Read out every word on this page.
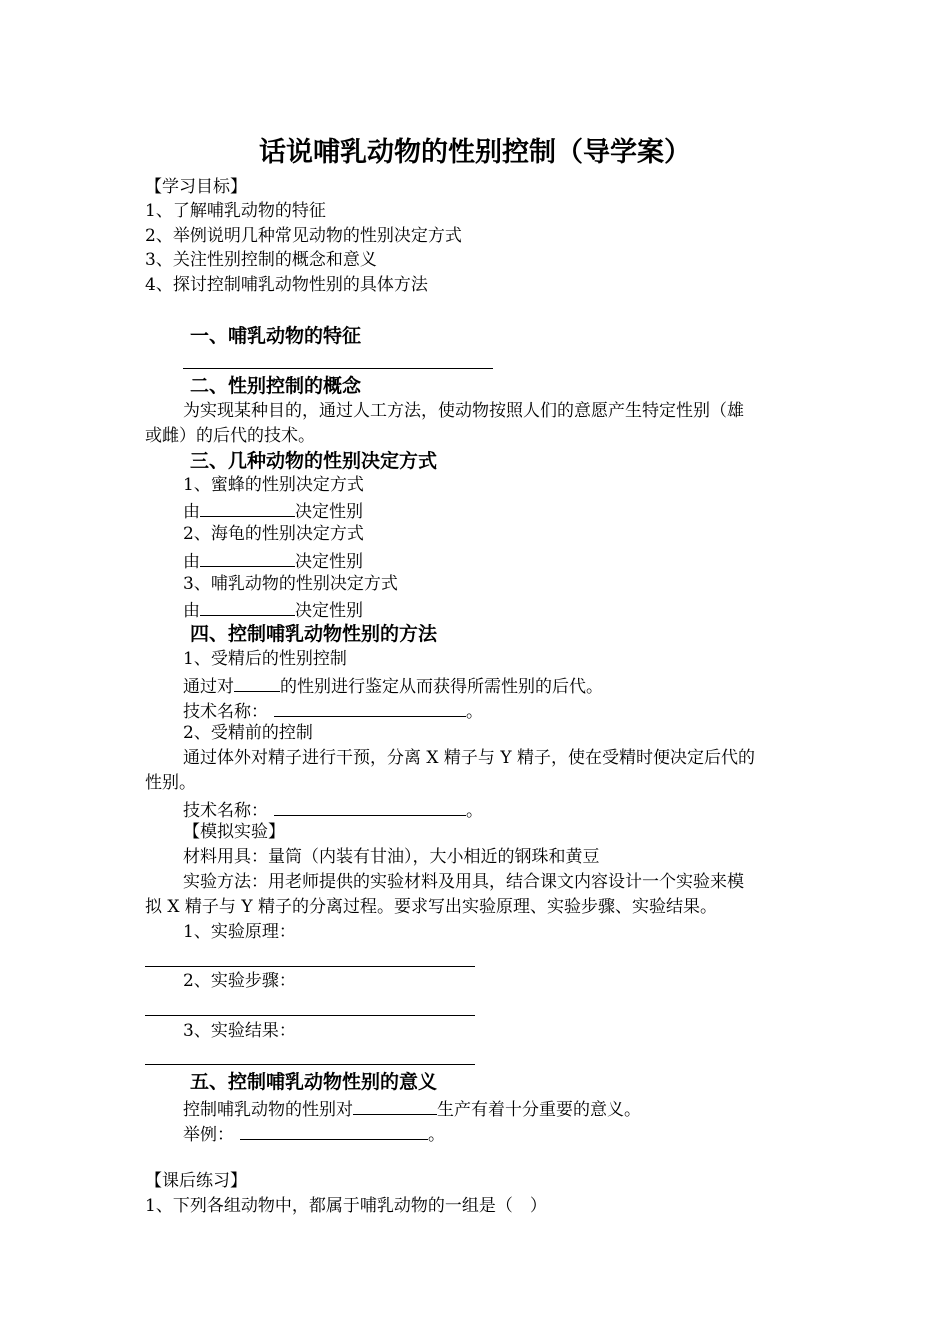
话说哺乳动物的性别控制（导学案）
【学习目标】
1、了解哺乳动物的特征
2、举例说明几种常见动物的性别决定方式
3、关注性别控制的概念和意义
4、探讨控制哺乳动物性别的具体方法
一、哺乳动物的特征
二、性别控制的概念
为实现某种目的，通过人工方法，使动物按照人们的意愿产生特定性别（雄
或雌）的后代的技术。
三、几种动物的性别决定方式
1、蜜蜂的性别决定方式
由	决定性别
2、海龟的性别决定方式
由	决定性别
3、哺乳动物的性别决定方式
由	决定性别
四、控制哺乳动物性别的方法
1、受精后的性别控制
通过对	的性别进行鉴定从而获得所需性别的后代。
技术名称：	。
2、受精前的控制
通过体外对精子进行干预，分离 X 精子与 Y 精子，使在受精时便决定后代的
性别。
技术名称：	。
【模拟实验】
材料用具：量筒（内装有甘油），大小相近的钢珠和黄豆
实验方法：用老师提供的实验材料及用具，结合课文内容设计一个实验来模
拟 X 精子与 Y 精子的分离过程。要求写出实验原理、实验步骤、实验结果。
1、实验原理：
2、实验步骤：
3、实验结果：
五、控制哺乳动物性别的意义
控制哺乳动物的性别对	生产有着十分重要的意义。
举例：	。
【课后练习】
1、下列各组动物中，都属于哺乳动物的一组是（　）
